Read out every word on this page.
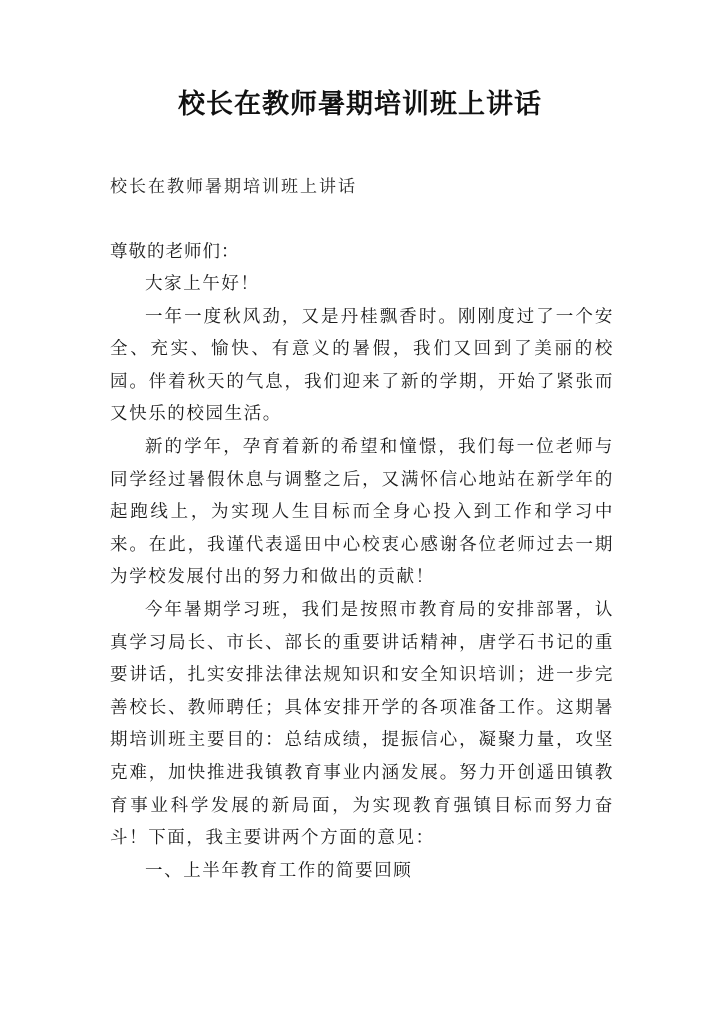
校长在教师暑期培训班上讲话
校长在教师暑期培训班上讲话
尊敬的老师们：

大家上午好！

一年一度秋风劲，又是丹桂飘香时。刚刚度过了一个安全、充实、愉快、有意义的暑假，我们又回到了美丽的校园。伴着秋天的气息，我们迎来了新的学期，开始了紧张而又快乐的校园生活。

新的学年，孕育着新的希望和憧憬，我们每一位老师与同学经过暑假休息与调整之后，又满怀信心地站在新学年的起跑线上，为实现人生目标而全身心投入到工作和学习中来。在此，我谨代表遥田中心校衷心感谢各位老师过去一期为学校发展付出的努力和做出的贡献！

今年暑期学习班，我们是按照市教育局的安排部署，认真学习局长、市长、部长的重要讲话精神，唐学石书记的重要讲话，扎实安排法律法规知识和安全知识培训；进一步完善校长、教师聘任；具体安排开学的各项准备工作。这期暑期培训班主要目的：总结成绩，提振信心，凝聚力量，攻坚克难，加快推进我镇教育事业内涵发展。努力开创遥田镇教育事业科学发展的新局面，为实现教育强镇目标而努力奋斗！下面，我主要讲两个方面的意见：

一、上半年教育工作的简要回顾
